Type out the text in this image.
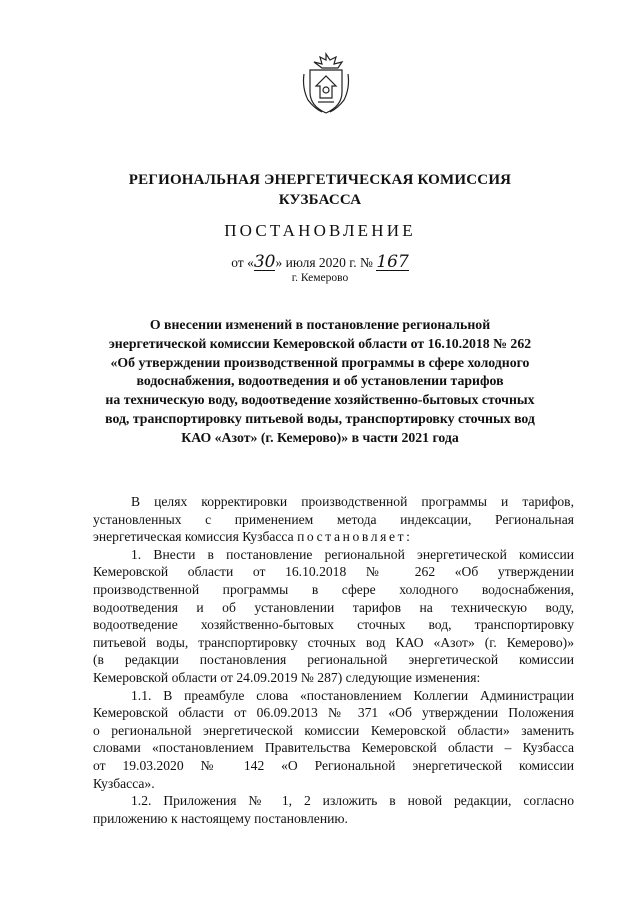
РЕГИОНАЛЬНАЯ ЭНЕРГЕТИЧЕСКАЯ КОМИССИЯ
КУЗБАССА
ПОСТАНОВЛЕНИЕ
от «30» июля 2020 г. № 167
г. Кемерово
О внесении изменений в постановление региональной
энергетической комиссии Кемеровской области от 16.10.2018 № 262
«Об утверждении производственной программы в сфере холодного
водоснабжения, водоотведения и об установлении тарифов
на техническую воду, водоотведение хозяйственно-бытовых сточных
вод, транспортировку питьевой воды, транспортировку сточных вод
КАО «Азот» (г. Кемерово)» в части 2021 года
В целях корректировки производственной программы и тарифов,
установленных с применением метода индексации, Региональная
энергетическая комиссия Кузбасса постановляет:
1. Внести в постановление региональной энергетической комиссии
Кемеровской области от 16.10.2018 № 262 «Об утверждении
производственной программы в сфере холодного водоснабжения,
водоотведения и об установлении тарифов на техническую воду,
водоотведение хозяйственно-бытовых сточных вод, транспортировку
питьевой воды, транспортировку сточных вод КАО «Азот» (г. Кемерово)»
(в редакции постановления региональной энергетической комиссии
Кемеровской области от 24.09.2019 № 287) следующие изменения:
1.1. В преамбуле слова «постановлением Коллегии Администрации
Кемеровской области от 06.09.2013 № 371 «Об утверждении Положения
о региональной энергетической комиссии Кемеровской области» заменить
словами «постановлением Правительства Кемеровской области – Кузбасса
от 19.03.2020 № 142 «О Региональной энергетической комиссии
Кузбасса».
1.2. Приложения № 1, 2 изложить в новой редакции, согласно
приложению к настоящему постановлению.
